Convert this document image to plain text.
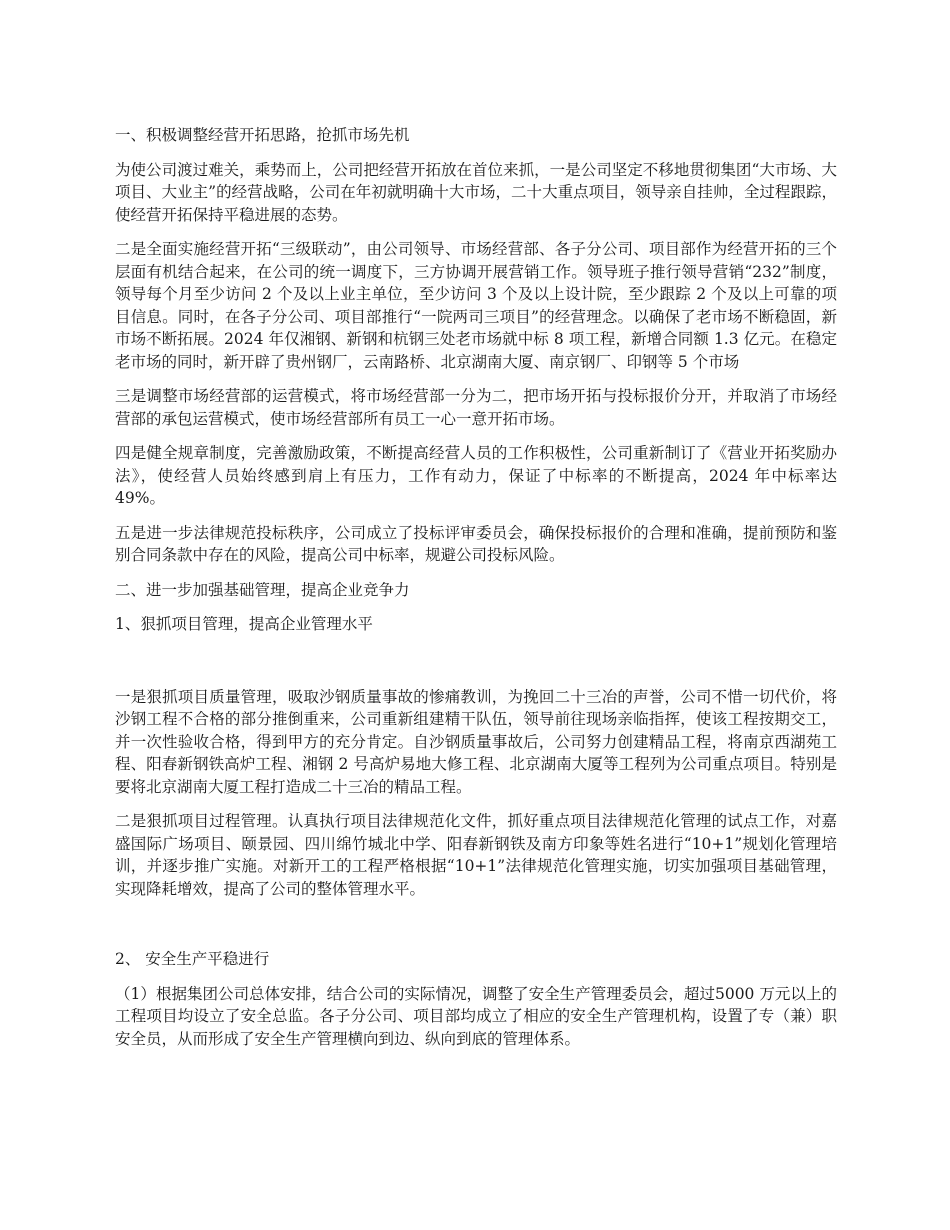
一、积极调整经营开拓思路，抢抓市场先机

为使公司渡过难关，乘势而上，公司把经营开拓放在首位来抓，一是公司坚定不移地贯彻集团“大市场、大项目、大业主”的经营战略，公司在年初就明确十大市场，二十大重点项目，领导亲自挂帅，全过程跟踪，使经营开拓保持平稳进展的态势。

二是全面实施经营开拓“三级联动”，由公司领导、市场经营部、各子分公司、项目部作为经营开拓的三个层面有机结合起来，在公司的统一调度下，三方协调开展营销工作。领导班子推行领导营销“232”制度，领导每个月至少访问 2 个及以上业主单位，至少访问 3 个及以上设计院，至少跟踪 2 个及以上可靠的项目信息。同时，在各子分公司、项目部推行“一院两司三项目”的经营理念。以确保了老市场不断稳固，新市场不断拓展。2024 年仅湘钢、新钢和杭钢三处老市场就中标 8 项工程，新增合同额 1.3 亿元。在稳定老市场的同时，新开辟了贵州钢厂，云南路桥、北京湖南大厦、南京钢厂、印钢等 5 个市场

三是调整市场经营部的运营模式，将市场经营部一分为二，把市场开拓与投标报价分开，并取消了市场经营部的承包运营模式，使市场经营部所有员工一心一意开拓市场。

四是健全规章制度，完善激励政策，不断提高经营人员的工作积极性，公司重新制订了《营业开拓奖励办法》，使经营人员始终感到肩上有压力，工作有动力，保证了中标率的不断提高，2024 年中标率达 49%。

五是进一步法律规范投标秩序，公司成立了投标评审委员会，确保投标报价的合理和准确，提前预防和鉴别合同条款中存在的风险，提高公司中标率，规避公司投标风险。

二、进一步加强基础管理，提高企业竞争力

1、狠抓项目管理，提高企业管理水平

一是狠抓项目质量管理，吸取沙钢质量事故的惨痛教训，为挽回二十三冶的声誉，公司不惜一切代价，将沙钢工程不合格的部分推倒重来，公司重新组建精干队伍，领导前往现场亲临指挥，使该工程按期交工，并一次性验收合格，得到甲方的充分肯定。自沙钢质量事故后，公司努力创建精品工程，将南京西湖苑工程、阳春新钢铁高炉工程、湘钢 2 号高炉易地大修工程、北京湖南大厦等工程列为公司重点项目。特别是要将北京湖南大厦工程打造成二十三冶的精品工程。

二是狠抓项目过程管理。认真执行项目法律规范化文件，抓好重点项目法律规范化管理的试点工作，对嘉盛国际广场项目、颐景园、四川绵竹城北中学、阳春新钢铁及南方印象等姓名进行“10+1”规划化管理培训，并逐步推广实施。对新开工的工程严格根据“10+1”法律规范化管理实施，切实加强项目基础管理，实现降耗增效，提高了公司的整体管理水平。

2、 安全生产平稳进行

（1）根据集团公司总体安排，结合公司的实际情况，调整了安全生产管理委员会，超过5000 万元以上的工程项目均设立了安全总监。各子分公司、项目部均成立了相应的安全生产管理机构，设置了专（兼）职安全员，从而形成了安全生产管理横向到边、纵向到底的管理体系。
